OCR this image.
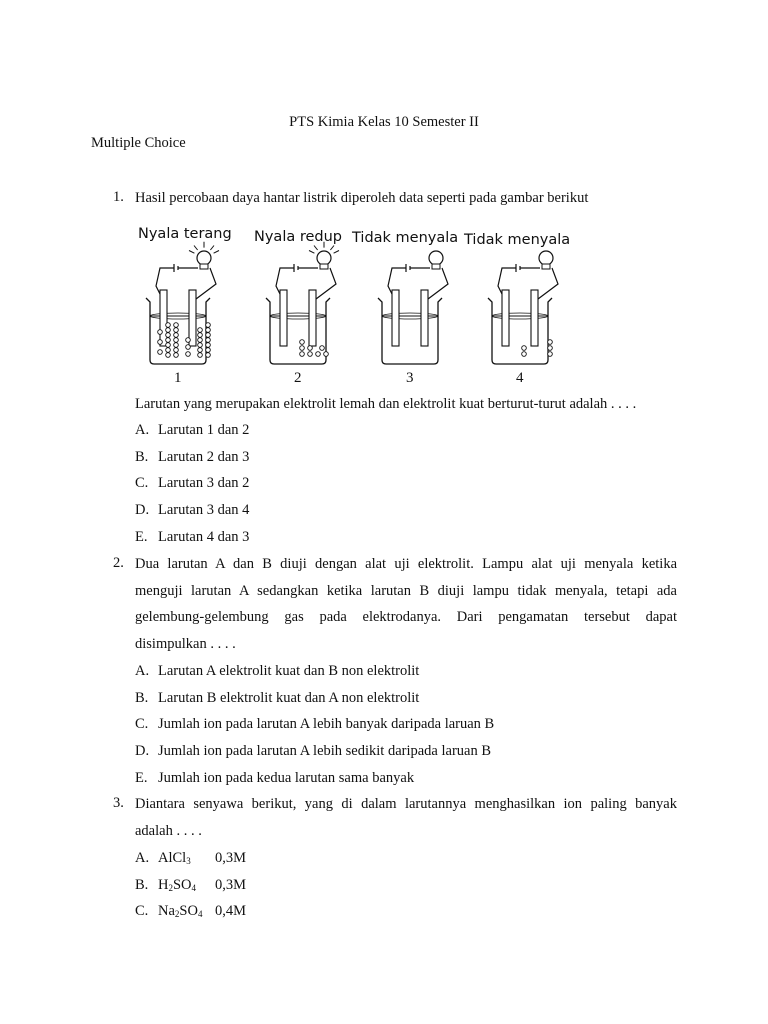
PTS Kimia Kelas 10 Semester II
Multiple Choice
1. Hasil percobaan daya hantar listrik diperoleh data seperti pada gambar berikut
Nyala terang
1
Nyala redup
2
Tidak menyala
3
Tidak menyala
4
Larutan yang merupakan elektrolit lemah dan elektrolit kuat berturut-turut adalah . . . .
A. Larutan 1 dan 2
B. Larutan 2 dan 3
C. Larutan 3 dan 2
D. Larutan 3 dan 4
E. Larutan 4 dan 3
2. Dua larutan A dan B diuji dengan alat uji elektrolit. Lampu alat uji menyala ketika
menguji larutan A sedangkan ketika larutan B diuji lampu tidak menyala, tetapi ada
gelembung-gelembung gas pada elektrodanya. Dari pengamatan tersebut dapat
disimpulkan . . . .
A. Larutan A elektrolit kuat dan B non elektrolit
B. Larutan B elektrolit kuat dan A non elektrolit
C. Jumlah ion pada larutan A lebih banyak daripada laruan B
D. Jumlah ion pada larutan A lebih sedikit daripada laruan B
E. Jumlah ion pada kedua larutan sama banyak
3. Diantara senyawa berikut, yang di dalam larutannya menghasilkan ion paling banyak
adalah . . . .
A. AlCl$_3$ 0,3M
B. $H_2SO_4$ 0,3M
C. $Na_2SO_4$ 0,4M
